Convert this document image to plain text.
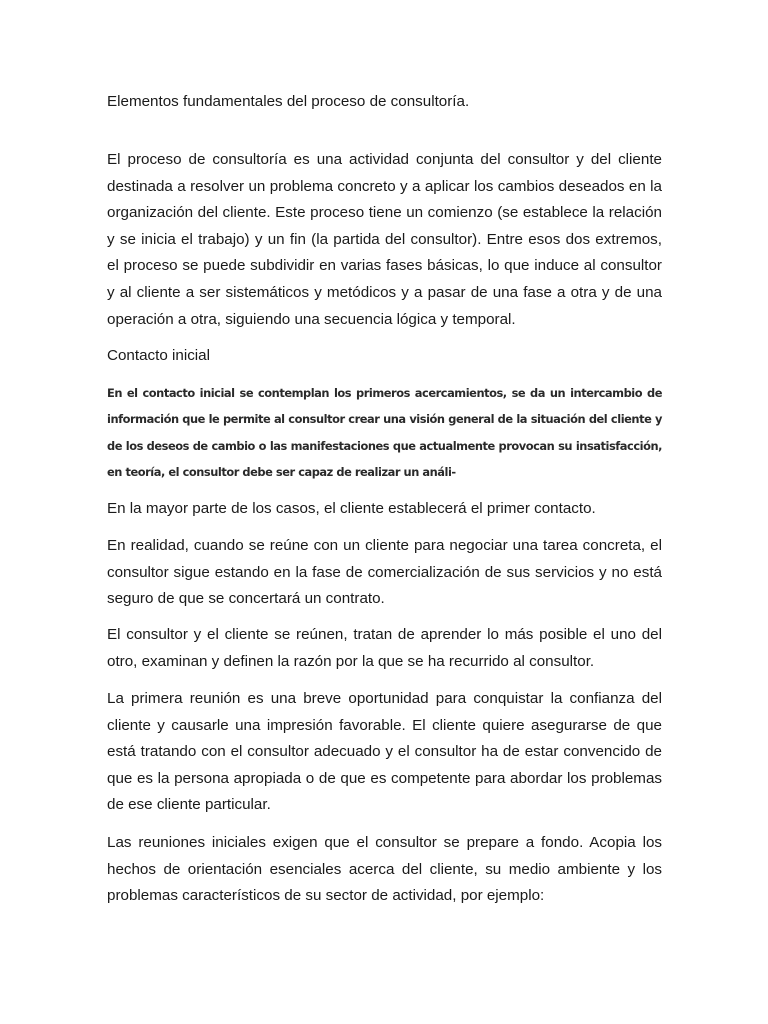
Elementos fundamentales del proceso de consultoría.

El proceso de consultoría es una actividad conjunta del consultor y del cliente destinada a resolver un problema concreto y a aplicar los cambios deseados en la organización del cliente. Este proceso tiene un comienzo (se establece la relación y se inicia el trabajo) y un fin (la partida del consultor). Entre esos dos extremos, el proceso se puede subdividir en varias fases básicas, lo que induce al consultor y al cliente a ser sistemáticos y metódicos y a pasar de una fase a otra y de una operación a otra, siguiendo una secuencia lógica y temporal.

Contacto inicial

En el contacto inicial se contemplan los primeros acercamientos, se da un intercambio de información que le permite al consultor crear una visión general de la situación del cliente y de los deseos de cambio o las manifestaciones que actualmente provocan su insatisfacción, en teoría, el consultor debe ser capaz de realizar un análi-

En la mayor parte de los casos, el cliente establecerá el primer contacto.

En realidad, cuando se reúne con un cliente para negociar una tarea concreta, el consultor sigue estando en la fase de comercialización de sus servicios y no está seguro de que se concertará un contrato.

El consultor y el cliente se reúnen, tratan de aprender lo más posible el uno del otro, examinan y definen la razón por la que se ha recurrido al consultor.

La primera reunión es una breve oportunidad para conquistar la confianza del cliente y causarle una impresión favorable. El cliente quiere asegurarse de que está tratando con el consultor adecuado y el consultor ha de estar convencido de que es la persona apropiada o de que es competente para abordar los problemas de ese cliente particular.

Las reuniones iniciales exigen que el consultor se prepare a fondo. Acopia los hechos de orientación esenciales acerca del cliente, su medio ambiente y los problemas característicos de su sector de actividad, por ejemplo:
